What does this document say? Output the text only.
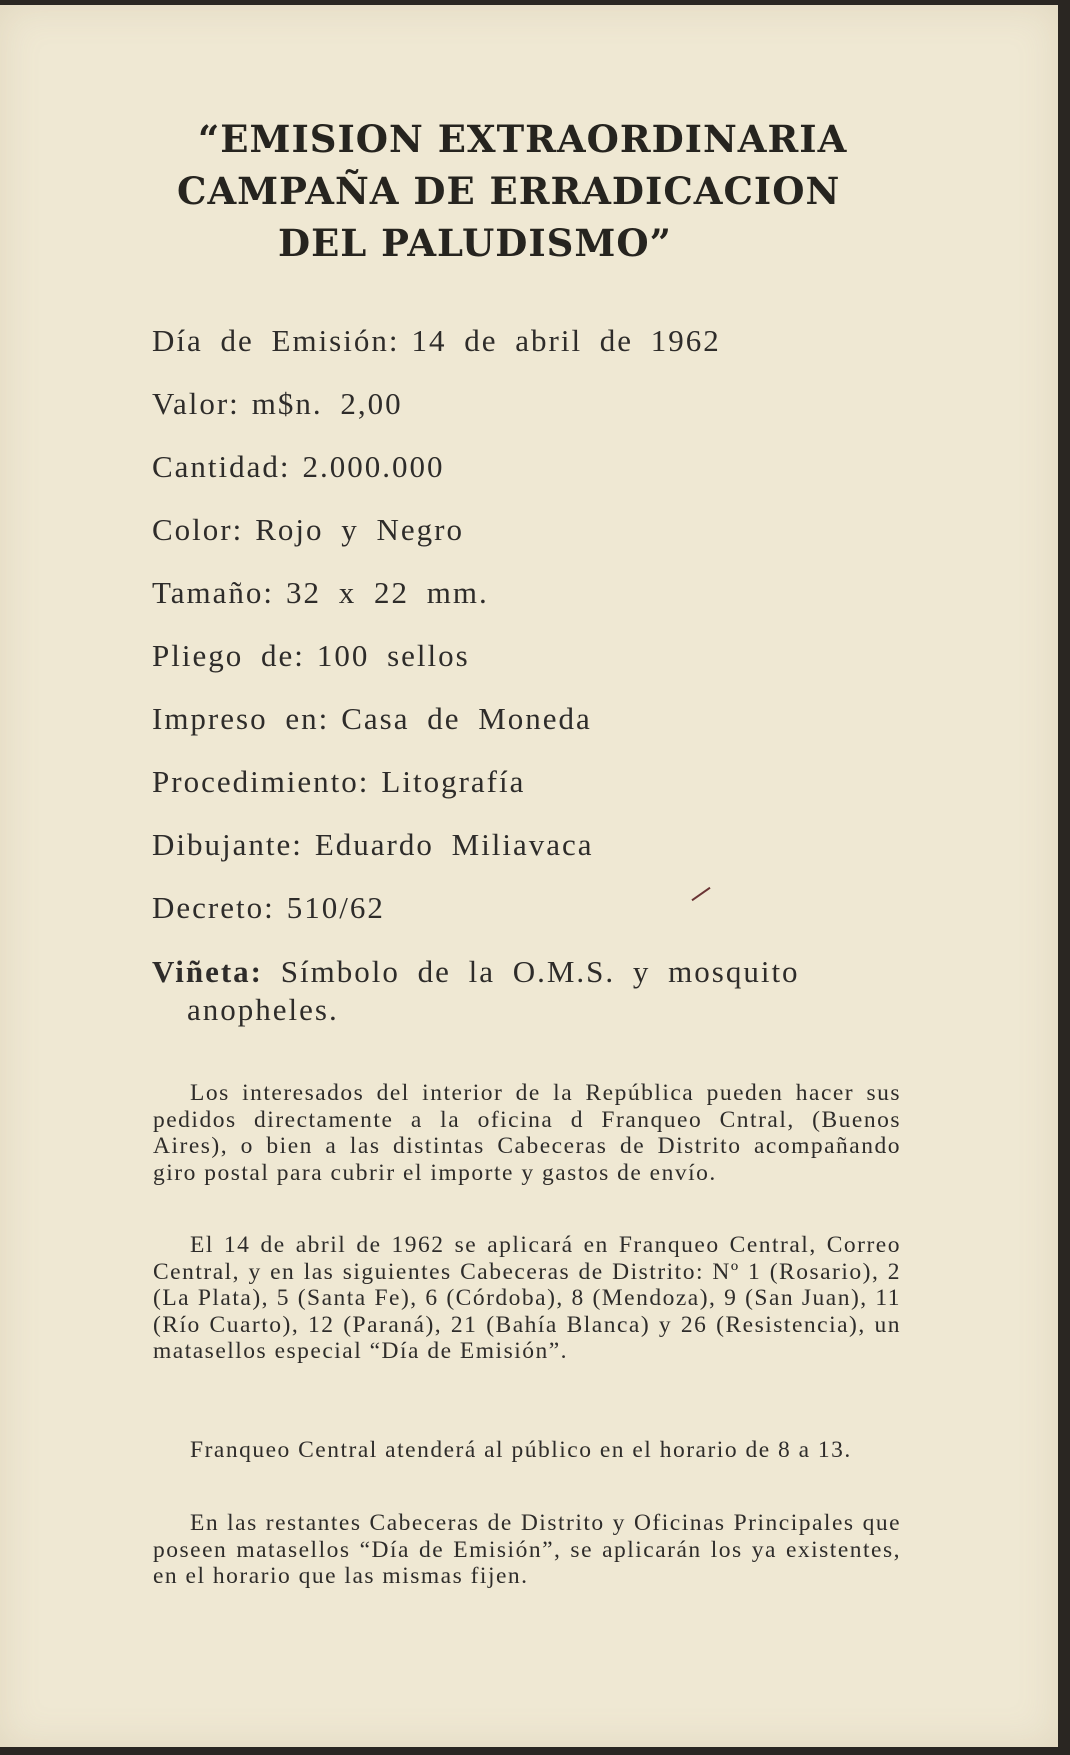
“EMISION EXTRAORDINARIA
CAMPAÑA DE ERRADICACION
DEL PALUDISMO”
Día de Emisión: 14 de abril de 1962
Valor: m$n. 2,00
Cantidad: 2.000.000
Color: Rojo y Negro
Tamaño: 32 x 22 mm.
Pliego de: 100 sellos
Impreso en: Casa de Moneda
Procedimiento: Litografía
Dibujante: Eduardo Miliavaca
Decreto: 510/62
Viñeta: Símbolo de la O.M.S. y mosquito
anopheles.

Los interesados del interior de la República pueden hacer sus pedidos directamente a la oficina d Franqueo Cntral, (Buenos Aires), o bien a las distintas Cabeceras de Distrito acompañando giro postal para cubrir el importe y gastos de envío.

El 14 de abril de 1962 se aplicará en Franqueo Central, Correo Central, y en las siguientes Cabeceras de Distrito: Nº 1 (Rosario), 2 (La Plata), 5 (Santa Fe), 6 (Córdoba), 8 (Mendoza), 9 (San Juan), 11 (Río Cuarto), 12 (Paraná), 21 (Bahía Blanca) y 26 (Resistencia), un matasellos especial “Día de Emisión”.

Franqueo Central atenderá al público en el horario de 8 a 13.

En las restantes Cabeceras de Distrito y Oficinas Principales que poseen matasellos “Día de Emisión”, se aplicarán los ya existentes, en el horario que las mismas fijen.
